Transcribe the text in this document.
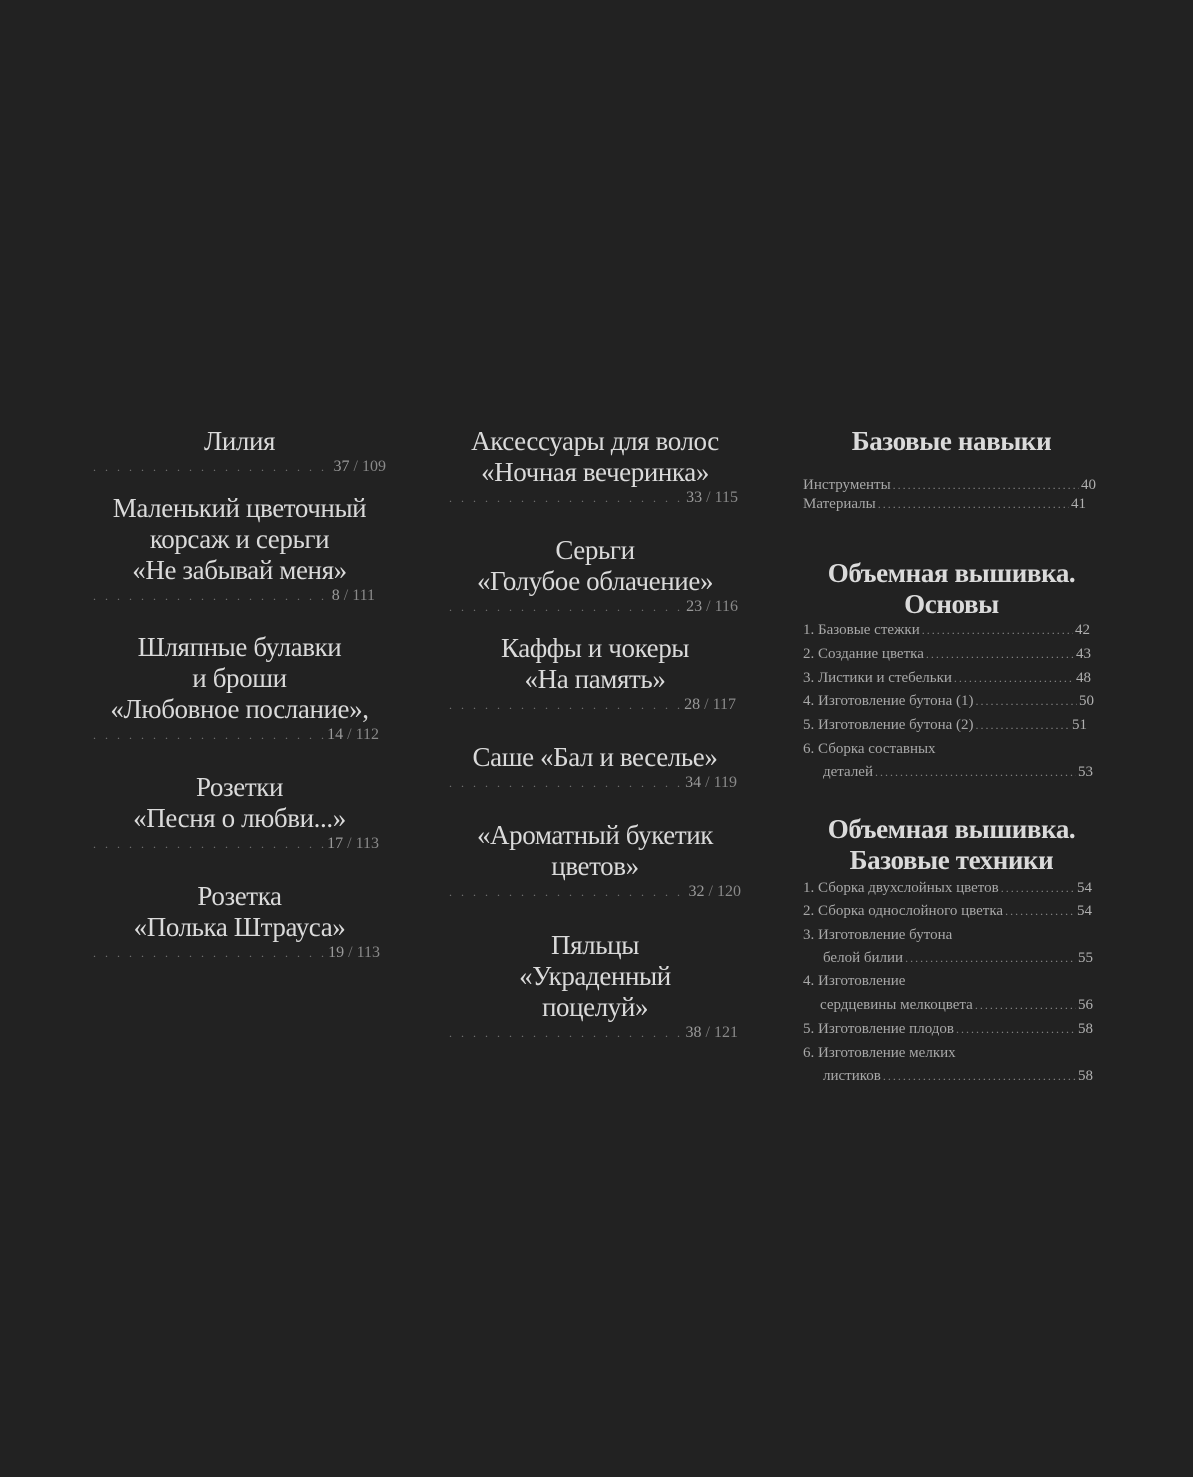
Лилия
. . .
37 / 109
Маленький цветочный
корсаж и серьги
«Не забывай меня»
. . .
8 / 111
Шляпные булавки
и броши
«Любовное послание»,
. . .
14 / 112
Розетки
«Песня о любви...»
. . .
17 / 113
Розетка
«Полька Штрауса»
. . .
19 / 113
Аксессуары для волос
«Ночная вечеринка»
. . .
33 / 115
Серьги
«Голубое облачение»
. . .
23 / 116
Каффы и чокеры
«На память»
. . .
28 / 117
Саше «Бал и веселье»
. . .
34 / 119
«Ароматный букетик
цветов»
. . .
32 / 120
Пяльцы
«Украденный
поцелуй»
. . .
38 / 121
Базовые навыки
Инструменты .....	40
Материалы .....	41
Объемная вышивка.
Основы
1. Базовые стежки .....	42
2. Создание цветка .....	43
3. Листики и стебельки .....	48
4. Изготовление бутона (1) .....	50
5. Изготовление бутона (2) .....	51
6. Сборка составных
деталей .....	53
Объемная вышивка.
Базовые техники
1. Сборка двухслойных цветов .....	54
2. Сборка однослойного цветка .....	54
3. Изготовление бутона
белой билии .....	55
4. Изготовление
сердцевины мелкоцвета .....	56
5. Изготовление плодов .....	58
6. Изготовление мелких
листиков .....	58
